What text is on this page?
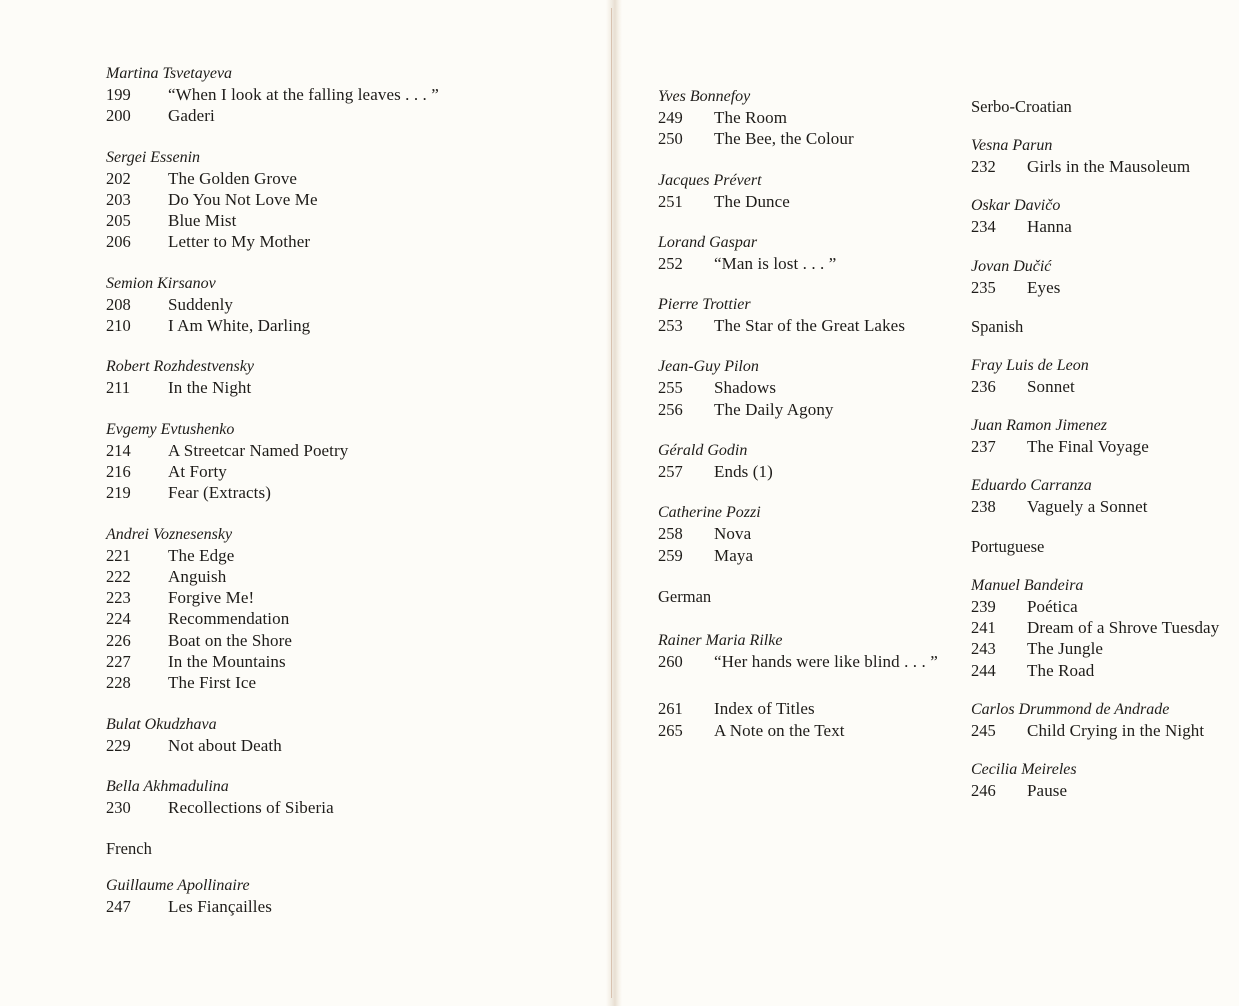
Martina Tsvetayeva
199	“When I look at the falling leaves . . . ”
200	Gaderi
Sergei Essenin
202	The Golden Grove
203	Do You Not Love Me
205	Blue Mist
206	Letter to My Mother
Semion Kirsanov
208	Suddenly
210	I Am White, Darling
Robert Rozhdestvensky
211	In the Night
Evgemy Evtushenko
214	A Streetcar Named Poetry
216	At Forty
219	Fear (Extracts)
Andrei Voznesensky
221	The Edge
222	Anguish
223	Forgive Me!
224	Recommendation
226	Boat on the Shore
227	In the Mountains
228	The First Ice
Bulat Okudzhava
229	Not about Death
Bella Akhmadulina
230	Recollections of Siberia
French
Guillaume Apollinaire
247	Les Fiançailles
Yves Bonnefoy
249	The Room
250	The Bee, the Colour
Jacques Prévert
251	The Dunce
Lorand Gaspar
252	“Man is lost . . . ”
Pierre Trottier
253	The Star of the Great Lakes
Jean-Guy Pilon
255	Shadows
256	The Daily Agony
Gérald Godin
257	Ends (1)
Catherine Pozzi
258	Nova
259	Maya
German
Rainer Maria Rilke
260	“Her hands were like blind . . . ”
261	Index of Titles
265	A Note on the Text
Serbo-Croatian
Vesna Parun
232	Girls in the Mausoleum
Oskar Davičo
234	Hanna
Jovan Dučić
235	Eyes
Spanish
Fray Luis de Leon
236	Sonnet
Juan Ramon Jimenez
237	The Final Voyage
Eduardo Carranza
238	Vaguely a Sonnet
Portuguese
Manuel Bandeira
239	Poética
241	Dream of a Shrove Tuesday
243	The Jungle
244	The Road
Carlos Drummond de Andrade
245	Child Crying in the Night
Cecilia Meireles
246	Pause
